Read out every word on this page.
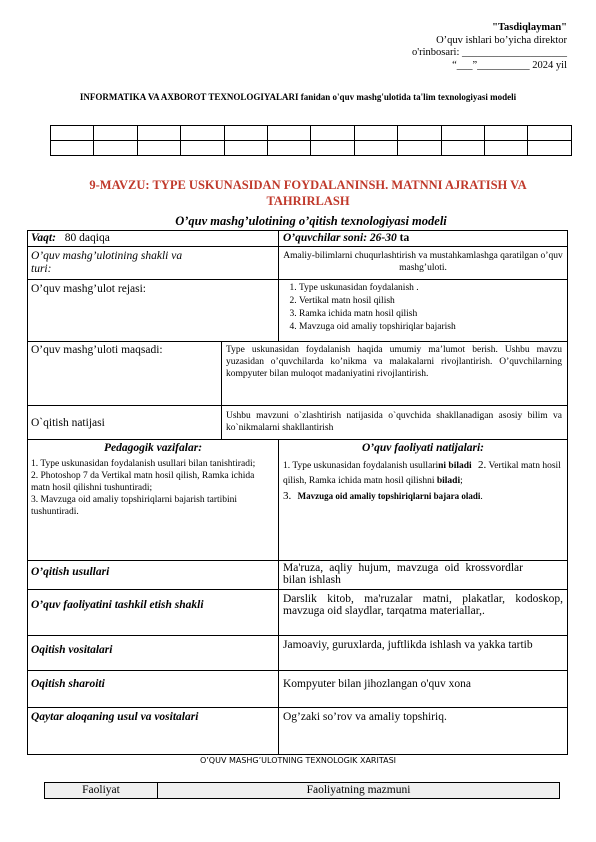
"Tasdiqlayman"
O’quv ishlari bo’yicha direktor
o'rinbosari: ____________________
“___”__________ 2024 yil
INFORMATIKA VA AXBOROT TEXNOLOGIYALARI fanidan o'quv mashg'ulotida ta'lim texnologiyasi modeli

9-MAVZU: TYPE USKUNASIDAN FOYDALANINSH. MATNNI AJRATISH VA TAHRIRLASH
O’quv mashg’ulotining o’qitish texnologiyasi modeli
Vaqt: 80 daqiqa	O’quvchilar soni: 26-30 ta
O’quv mashg’ulotining shakli va turi:
Amaliy-bilimlarni chuqurlashtirish va mustahkamlashga qaratilgan o’quv mashg’uloti.
O’quv mashg’ulot rejasi:
1.	Type uskunasidan foydalanish .
2. Vertikal matn hosil qilish
3. Ramka ichida matn hosil qilish
4. Mavzuga oid amaliy topshiriqlar bajarish
O’quv mashg’uloti maqsadi:	Type uskunasidan foydalanish haqida umumiy ma’lumot berish. Ushbu mavzu yuzasidan o’quvchilarda ko’nikma va malakalarni rivojlantirish. O’quvchilarning kompyuter bilan muloqot madaniyatini rivojlantirish.
O`qitish natijasi
Ushbu mavzuni o`zlashtirish natijasida o`quvchida shakllanadigan asosiy bilim va ko`nikmalarni shakllantirish
Pedagogik vazifalar:
1. Type uskunasidan foydalanish usullari bilan tanishtiradi;
2. Photoshop 7 da Vertikal matn hosil qilish, Ramka ichida matn hosil qilishni tushuntiradi;
3. Mavzuga oid amaliy topshiriqlarni bajarish tartibini tushuntiradi.
O’quv faoliyati natijalari:
1. Type uskunasidan foydalanish usullarini biladi 2. Vertikal matn hosil qilish, Ramka ichida matn hosil qilishni biladi;
3. Mavzuga oid amaliy topshiriqlarni bajara oladi.
O’qitish usullari	Ma'ruza, aqliy hujum, mavzuga oid krossvordlar bilan ishlash
O’quv faoliyatini tashkil etish shakli	Darslik kitob, ma'ruzalar matni, plakatlar, kodoskop, mavzuga oid slaydlar, tarqatma materiallar,.
Oqitish vositalari	Jamoaviy, guruxlarda, juftlikda ishlash va yakka tartib
Oqitish sharoiti	Kompyuter bilan jihozlangan o'quv xona
Qaytar aloqaning usul va vositalari	Og’zaki so’rov va amaliy topshiriq.
O’QUV MASHG’ULOTNING TEXNOLOGIK XARITASI
Faoliyat	Faoliyatning mazmuni
